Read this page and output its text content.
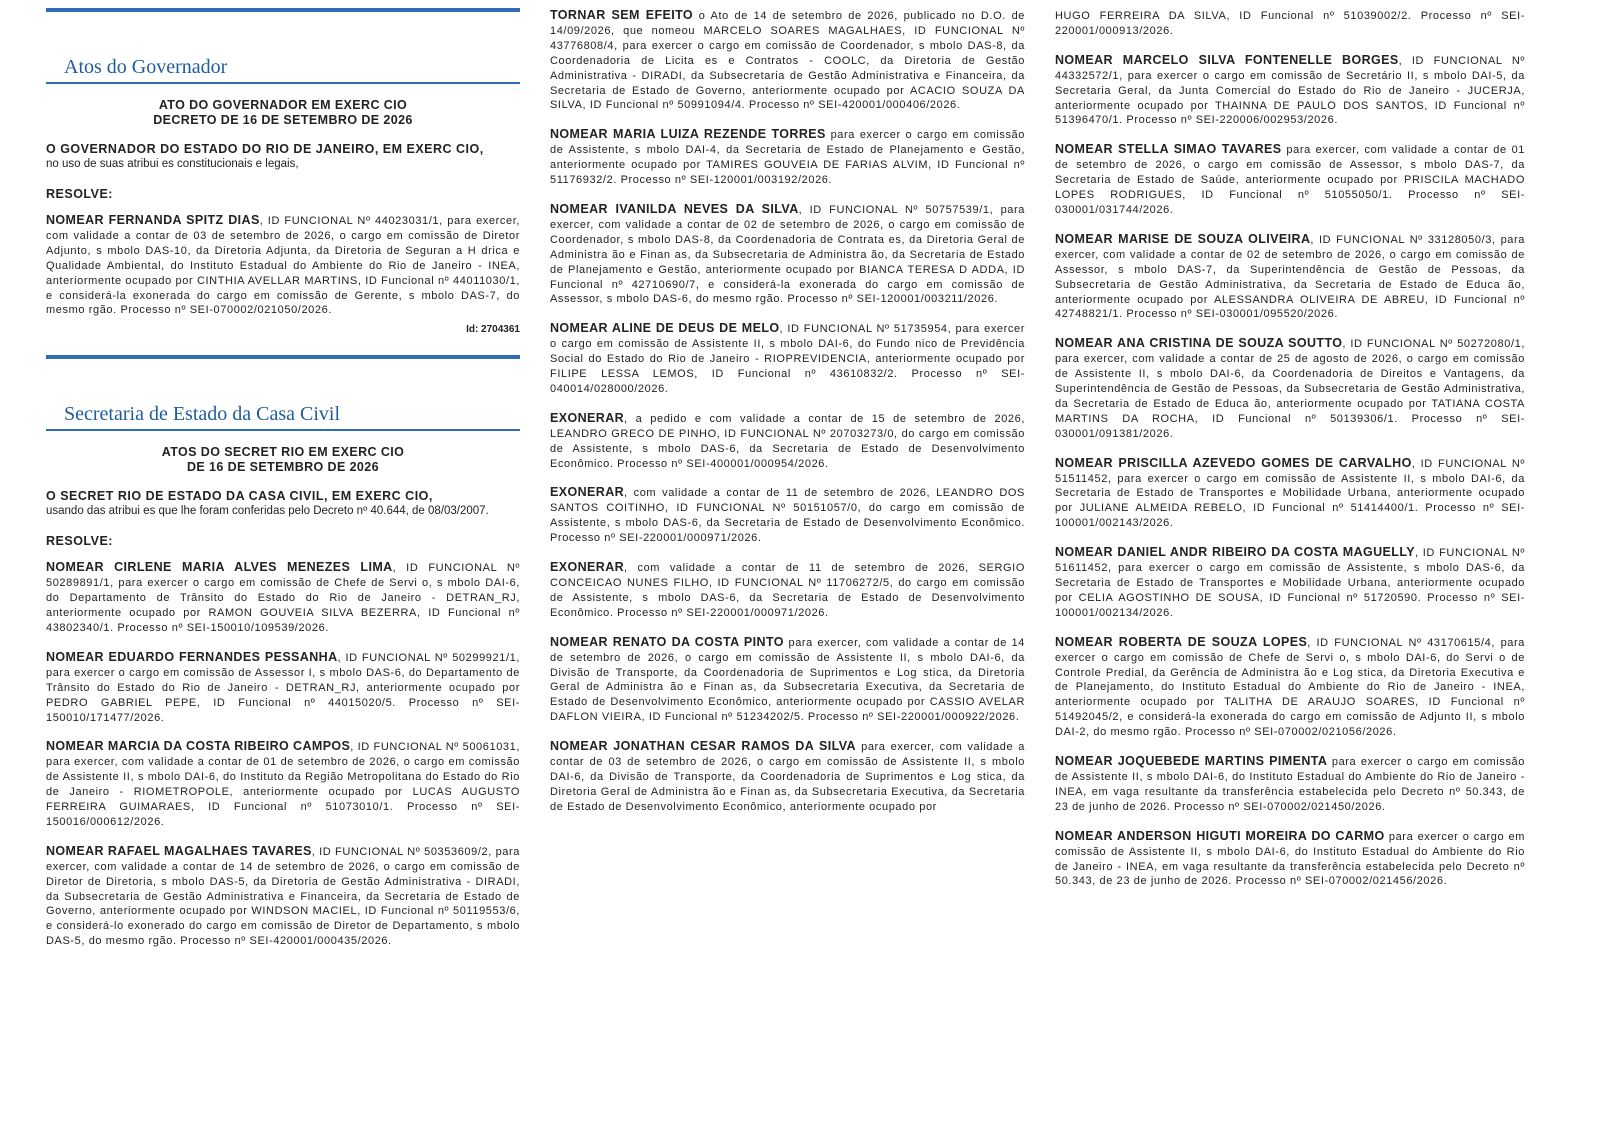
Atos do Governador
ATO DO GOVERNADOR EM EXERC CIO
DECRETO DE 16 DE SETEMBRO DE 2026
O GOVERNADOR DO ESTADO DO RIO DE JANEIRO, EM EXERC CIO,
no uso de suas atribui es constitucionais e legais,
RESOLVE:
NOMEAR FERNANDA SPITZ DIAS, ID FUNCIONAL Nº 44023031/1, para exercer, com validade a contar de 03 de setembro de 2026, o cargo em comissão de Diretor Adjunto, s mbolo DAS-10, da Diretoria Adjunta, da Diretoria de Seguran a H drica e Qualidade Ambiental, do Instituto Estadual do Ambiente do Rio de Janeiro - INEA, anteriormente ocupado por CINTHIA AVELLAR MARTINS, ID Funcional nº 44011030/1, e considerá-la exonerada do cargo em comissão de Gerente, s mbolo DAS-7, do mesmo rgão. Processo nº SEI-070002/021050/2026.
Id: 2704361
Secretaria de Estado da Casa Civil
ATOS DO SECRET RIO EM EXERC CIO
DE 16 DE SETEMBRO DE 2026
O SECRET RIO DE ESTADO DA CASA CIVIL, EM EXERC CIO,
usando das atribui es que lhe foram conferidas pelo Decreto nº 40.644, de 08/03/2007.
RESOLVE:
NOMEAR CIRLENE MARIA ALVES MENEZES LIMA, ID FUNCIONAL Nº 50289891/1, para exercer o cargo em comissão de Chefe de Servi o, s mbolo DAI-6, do Departamento de Trânsito do Estado do Rio de Janeiro - DETRAN_RJ, anteriormente ocupado por RAMON GOUVEIA SILVA BEZERRA, ID Funcional nº 43802340/1. Processo nº SEI-150010/109539/2026.
NOMEAR EDUARDO FERNANDES PESSANHA, ID FUNCIONAL Nº 50299921/1, para exercer o cargo em comissão de Assessor I, s mbolo DAS-6, do Departamento de Trânsito do Estado do Rio de Janeiro - DETRAN_RJ, anteriormente ocupado por PEDRO GABRIEL PEPE, ID Funcional nº 44015020/5. Processo nº SEI-150010/171477/2026.
NOMEAR MARCIA DA COSTA RIBEIRO CAMPOS, ID FUNCIONAL Nº 50061031, para exercer, com validade a contar de 01 de setembro de 2026, o cargo em comissão de Assistente II, s mbolo DAI-6, do Instituto da Região Metropolitana do Estado do Rio de Janeiro - RIOMETROPOLE, anteriormente ocupado por LUCAS AUGUSTO FERREIRA GUIMARAES, ID Funcional nº 51073010/1. Processo nº SEI-150016/000612/2026.
NOMEAR RAFAEL MAGALHAES TAVARES, ID FUNCIONAL Nº 50353609/2, para exercer, com validade a contar de 14 de setembro de 2026, o cargo em comissão de Diretor de Diretoria, s mbolo DAS-5, da Diretoria de Gestão Administrativa - DIRADI, da Subsecretaria de Gestão Administrativa e Financeira, da Secretaria de Estado de Governo, anteriormente ocupado por WINDSON MACIEL, ID Funcional nº 50119553/6, e considerá-lo exonerado do cargo em comissão de Diretor de Departamento, s mbolo DAS-5, do mesmo rgão. Processo nº SEI-420001/000435/2026.
TORNAR SEM EFEITO o Ato de 14 de setembro de 2026, publicado no D.O. de 14/09/2026, que nomeou MARCELO SOARES MAGALHAES, ID FUNCIONAL Nº 43776808/4, para exercer o cargo em comissão de Coordenador, s mbolo DAS-8, da Coordenadoria de Licita es e Contratos - COOLC, da Diretoria de Gestão Administrativa - DIRADI, da Subsecretaria de Gestão Administrativa e Financeira, da Secretaria de Estado de Governo, anteriormente ocupado por ACACIO SOUZA DA SILVA, ID Funcional nº 50991094/4. Processo nº SEI-420001/000406/2026.
NOMEAR MARIA LUIZA REZENDE TORRES para exercer o cargo em comissão de Assistente, s mbolo DAI-4, da Secretaria de Estado de Planejamento e Gestão, anteriormente ocupado por TAMIRES GOUVEIA DE FARIAS ALVIM, ID Funcional nº 51176932/2. Processo nº SEI-120001/003192/2026.
NOMEAR IVANILDA NEVES DA SILVA, ID FUNCIONAL Nº 50757539/1, para exercer, com validade a contar de 02 de setembro de 2026, o cargo em comissão de Coordenador, s mbolo DAS-8, da Coordenadoria de Contrata es, da Diretoria Geral de Administra ão e Finan as, da Subsecretaria de Administra ão, da Secretaria de Estado de Planejamento e Gestão, anteriormente ocupado por BIANCA TERESA D ADDA, ID Funcional nº 42710690/7, e considerá-la exonerada do cargo em comissão de Assessor, s mbolo DAS-6, do mesmo rgão. Processo nº SEI-120001/003211/2026.
NOMEAR ALINE DE DEUS DE MELO, ID FUNCIONAL Nº 51735954, para exercer o cargo em comissão de Assistente II, s mbolo DAI-6, do Fundo nico de Previdência Social do Estado do Rio de Janeiro - RIOPREVIDENCIA, anteriormente ocupado por FILIPE LESSA LEMOS, ID Funcional nº 43610832/2. Processo nº SEI-040014/028000/2026.
EXONERAR, a pedido e com validade a contar de 15 de setembro de 2026, LEANDRO GRECO DE PINHO, ID FUNCIONAL Nº 20703273/0, do cargo em comissão de Assistente, s mbolo DAS-6, da Secretaria de Estado de Desenvolvimento Econômico. Processo nº SEI-400001/000954/2026.
EXONERAR, com validade a contar de 11 de setembro de 2026, LEANDRO DOS SANTOS COITINHO, ID FUNCIONAL Nº 50151057/0, do cargo em comissão de Assistente, s mbolo DAS-6, da Secretaria de Estado de Desenvolvimento Econômico. Processo nº SEI-220001/000971/2026.
EXONERAR, com validade a contar de 11 de setembro de 2026, SERGIO CONCEICAO NUNES FILHO, ID FUNCIONAL Nº 11706272/5, do cargo em comissão de Assistente, s mbolo DAS-6, da Secretaria de Estado de Desenvolvimento Econômico. Processo nº SEI-220001/000971/2026.
NOMEAR RENATO DA COSTA PINTO para exercer, com validade a contar de 14 de setembro de 2026, o cargo em comissão de Assistente II, s mbolo DAI-6, da Divisão de Transporte, da Coordenadoria de Suprimentos e Log stica, da Diretoria Geral de Administra ão e Finan as, da Subsecretaria Executiva, da Secretaria de Estado de Desenvolvimento Econômico, anteriormente ocupado por CASSIO AVELAR DAFLON VIEIRA, ID Funcional nº 51234202/5. Processo nº SEI-220001/000922/2026.
NOMEAR JONATHAN CESAR RAMOS DA SILVA para exercer, com validade a contar de 03 de setembro de 2026, o cargo em comissão de Assistente II, s mbolo DAI-6, da Divisão de Transporte, da Coordenadoria de Suprimentos e Log stica, da Diretoria Geral de Administra ão e Finan as, da Subsecretaria Executiva, da Secretaria de Estado de Desenvolvimento Econômico, anteriormente ocupado por
HUGO FERREIRA DA SILVA, ID Funcional nº 51039002/2. Processo nº SEI-220001/000913/2026.
NOMEAR MARCELO SILVA FONTENELLE BORGES, ID FUNCIONAL Nº 44332572/1, para exercer o cargo em comissão de Secretário II, s mbolo DAI-5, da Secretaria Geral, da Junta Comercial do Estado do Rio de Janeiro - JUCERJA, anteriormente ocupado por THAINNA DE PAULO DOS SANTOS, ID Funcional nº 51396470/1. Processo nº SEI-220006/002953/2026.
NOMEAR STELLA SIMAO TAVARES para exercer, com validade a contar de 01 de setembro de 2026, o cargo em comissão de Assessor, s mbolo DAS-7, da Secretaria de Estado de Saúde, anteriormente ocupado por PRISCILA MACHADO LOPES RODRIGUES, ID Funcional nº 51055050/1. Processo nº SEI-030001/031744/2026.
NOMEAR MARISE DE SOUZA OLIVEIRA, ID FUNCIONAL Nº 33128050/3, para exercer, com validade a contar de 02 de setembro de 2026, o cargo em comissão de Assessor, s mbolo DAS-7, da Superintendência de Gestão de Pessoas, da Subsecretaria de Gestão Administrativa, da Secretaria de Estado de Educa ão, anteriormente ocupado por ALESSANDRA OLIVEIRA DE ABREU, ID Funcional nº 42748821/1. Processo nº SEI-030001/095520/2026.
NOMEAR ANA CRISTINA DE SOUZA SOUTTO, ID FUNCIONAL Nº 50272080/1, para exercer, com validade a contar de 25 de agosto de 2026, o cargo em comissão de Assistente II, s mbolo DAI-6, da Coordenadoria de Direitos e Vantagens, da Superintendência de Gestão de Pessoas, da Subsecretaria de Gestão Administrativa, da Secretaria de Estado de Educa ão, anteriormente ocupado por TATIANA COSTA MARTINS DA ROCHA, ID Funcional nº 50139306/1. Processo nº SEI-030001/091381/2026.
NOMEAR PRISCILLA AZEVEDO GOMES DE CARVALHO, ID FUNCIONAL Nº 51511452, para exercer o cargo em comissão de Assistente II, s mbolo DAI-6, da Secretaria de Estado de Transportes e Mobilidade Urbana, anteriormente ocupado por JULIANE ALMEIDA REBELO, ID Funcional nº 51414400/1. Processo nº SEI-100001/002143/2026.
NOMEAR DANIEL ANDR RIBEIRO DA COSTA MAGUELLY, ID FUNCIONAL Nº 51611452, para exercer o cargo em comissão de Assistente, s mbolo DAS-6, da Secretaria de Estado de Transportes e Mobilidade Urbana, anteriormente ocupado por CELIA AGOSTINHO DE SOUSA, ID Funcional nº 51720590. Processo nº SEI-100001/002134/2026.
NOMEAR ROBERTA DE SOUZA LOPES, ID FUNCIONAL Nº 43170615/4, para exercer o cargo em comissão de Chefe de Servi o, s mbolo DAI-6, do Servi o de Controle Predial, da Gerência de Administra ão e Log stica, da Diretoria Executiva e de Planejamento, do Instituto Estadual do Ambiente do Rio de Janeiro - INEA, anteriormente ocupado por TALITHA DE ARAUJO SOARES, ID Funcional nº 51492045/2, e considerá-la exonerada do cargo em comissão de Adjunto II, s mbolo DAI-2, do mesmo rgão. Processo nº SEI-070002/021056/2026.
NOMEAR JOQUEBEDE MARTINS PIMENTA para exercer o cargo em comissão de Assistente II, s mbolo DAI-6, do Instituto Estadual do Ambiente do Rio de Janeiro - INEA, em vaga resultante da transferência estabelecida pelo Decreto nº 50.343, de 23 de junho de 2026. Processo nº SEI-070002/021450/2026.
NOMEAR ANDERSON HIGUTI MOREIRA DO CARMO para exercer o cargo em comissão de Assistente II, s mbolo DAI-6, do Instituto Estadual do Ambiente do Rio de Janeiro - INEA, em vaga resultante da transferência estabelecida pelo Decreto nº 50.343, de 23 de junho de 2026. Processo nº SEI-070002/021456/2026.
